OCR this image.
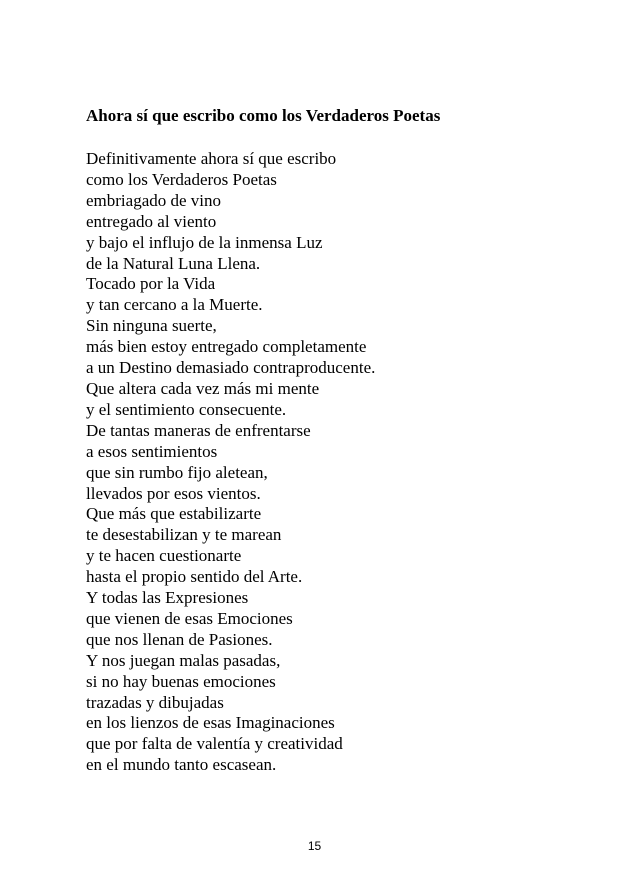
Ahora sí que escribo como los Verdaderos Poetas
Definitivamente ahora sí que escribo
como los Verdaderos Poetas
embriagado de vino
entregado al viento
y bajo el influjo de la inmensa Luz
de la Natural Luna Llena.
Tocado por la Vida
y tan cercano a la Muerte.
Sin ninguna suerte,
más bien estoy entregado completamente
a un Destino demasiado contraproducente.
Que altera cada vez más mi mente
y el sentimiento consecuente.
De tantas maneras de enfrentarse
a esos sentimientos
que sin rumbo fijo aletean,
llevados por esos vientos.
Que más que estabilizarte
te desestabilizan y te marean
y te hacen cuestionarte
hasta el propio sentido del Arte.
Y todas las Expresiones
que vienen de esas Emociones
que nos llenan de Pasiones.
Y nos juegan malas pasadas,
si no hay buenas emociones
trazadas y dibujadas
en los lienzos de esas Imaginaciones
que por falta de valentía y creatividad
en el mundo tanto escasean.
15
